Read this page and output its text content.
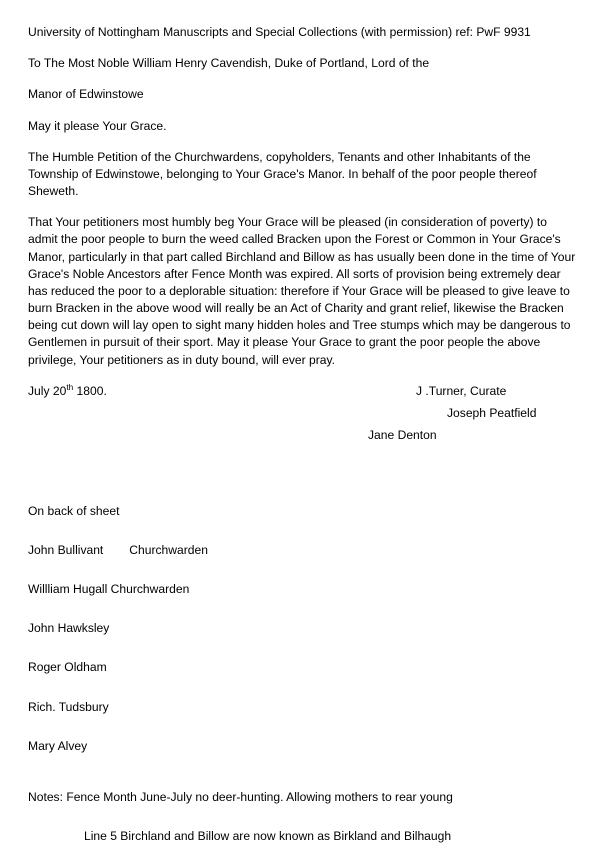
University of Nottingham Manuscripts and Special Collections (with permission) ref: PwF 9931

To The Most Noble William Henry Cavendish, Duke of Portland, Lord of the

Manor of Edwinstowe

May it please Your Grace.

The Humble Petition of the Churchwardens, copyholders, Tenants and other Inhabitants of the Township of Edwinstowe, belonging to Your Grace's Manor. In behalf of the poor people thereof Sheweth.

That Your petitioners most humbly beg Your Grace will be pleased (in consideration of poverty) to admit the poor people to burn the weed called Bracken upon the Forest or Common in Your Grace's Manor, particularly in that part called Birchland and Billow as has usually been done in the time of Your Grace's Noble Ancestors after Fence Month was expired. All sorts of provision being extremely dear has reduced the poor to a deplorable situation: therefore if Your Grace will be pleased to give leave to burn Bracken in the above wood will really be an Act of Charity and grant relief, likewise the Bracken being cut down will lay open to sight many hidden holes and Tree stumps which may be dangerous to Gentlemen in pursuit of their sport. May it please Your Grace to grant the poor people the above privilege, Your petitioners as in duty bound, will ever pray.

July 20th 1800.	J .Turner, Curate
Joseph Peatfield
Jane Denton

On back of sheet

John Bullivant Churchwarden

Willliam Hugall Churchwarden

John Hawksley

Roger Oldham

Rich. Tudsbury

Mary Alvey

Notes: Fence Month June-July no deer-hunting. Allowing mothers to rear young

Line 5 Birchland and Billow are now known as Birkland and Bilhaugh
